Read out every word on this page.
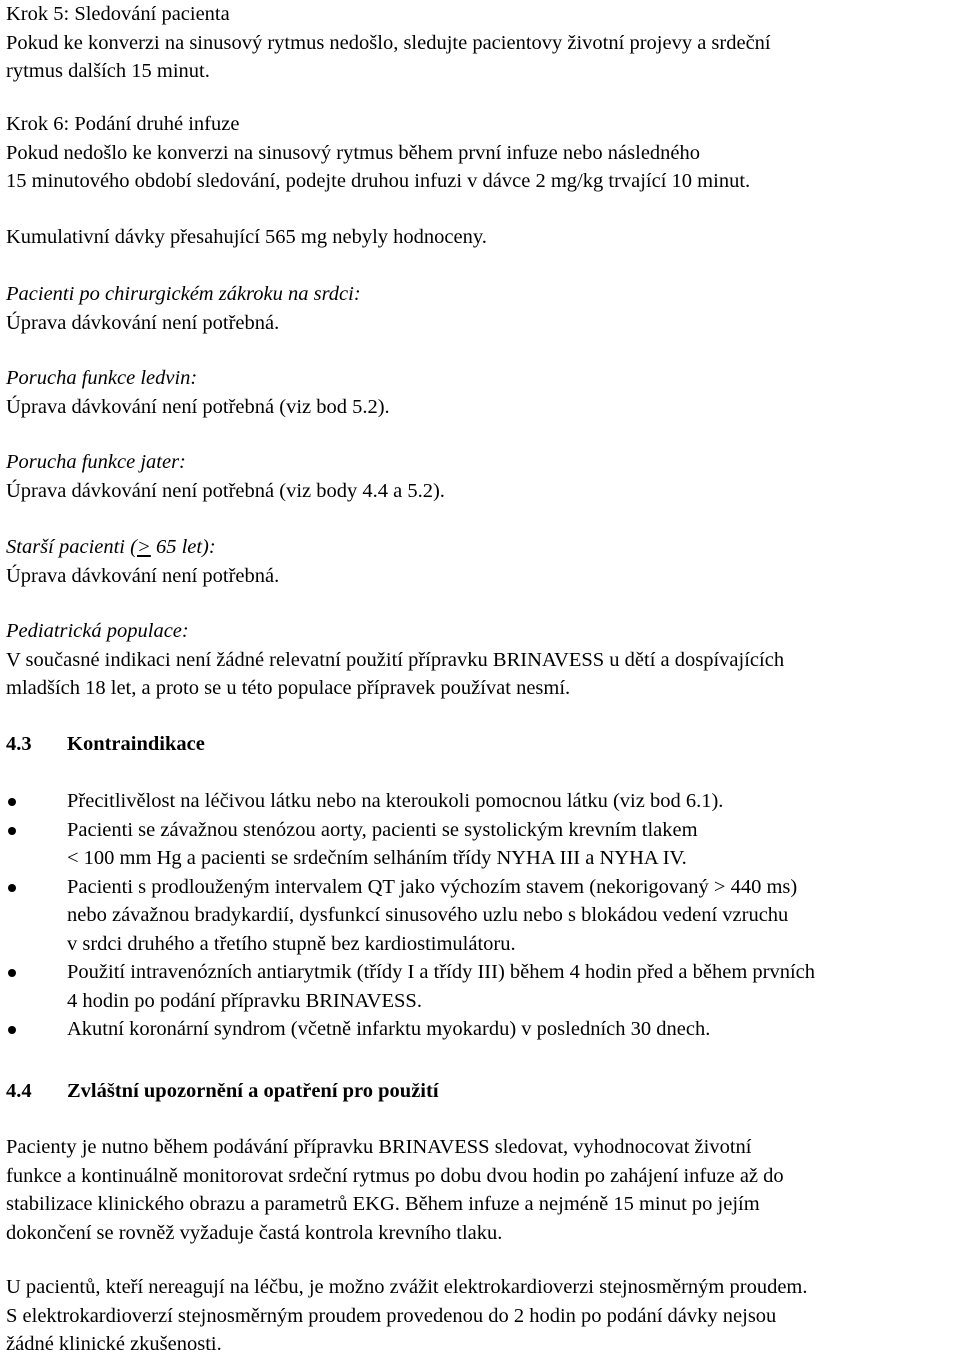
Krok 5: Sledování pacienta
Pokud ke konverzi na sinusový rytmus nedošlo, sledujte pacientovy životní projevy a srdeční
rytmus dalších 15 minut.
Krok 6: Podání druhé infuze
Pokud nedošlo ke konverzi na sinusový rytmus během první infuze nebo následného
15 minutového období sledování, podejte druhou infuzi v dávce 2 mg/kg trvající 10 minut.
Kumulativní dávky přesahující 565 mg nebyly hodnoceny.
Pacienti po chirurgickém zákroku na srdci:
Úprava dávkování není potřebná.
Porucha funkce ledvin:
Úprava dávkování není potřebná (viz bod 5.2).
Porucha funkce jater:
Úprava dávkování není potřebná (viz body 4.4 a 5.2).
Starší pacienti (≥ 65 let):
Úprava dávkování není potřebná.
Pediatrická populace:
V současné indikaci není žádné relevatní použití přípravku BRINAVESS u dětí a dospívajících
mladších 18 let, a proto se u této populace přípravek používat nesmí.
4.3 Kontraindikace
Přecitlivělost na léčivou látku nebo na kteroukoli pomocnou látku (viz bod 6.1).
Pacienti se závažnou stenózou aorty, pacienti se systolickým krevním tlakem
< 100 mm Hg a pacienti se srdečním selháním třídy NYHA III a NYHA IV.
Pacienti s prodlouženým intervalem QT jako výchozím stavem (nekorigovaný > 440 ms)
nebo závažnou bradykardií, dysfunkcí sinusového uzlu nebo s blokádou vedení vzruchu
v srdci druhého a třetího stupně bez kardiostimulátoru.
Použití intravenózních antiarytmik (třídy I a třídy III) během 4 hodin před a během prvních
4 hodin po podání přípravku BRINAVESS.
Akutní koronární syndrom (včetně infarktu myokardu) v posledních 30 dnech.
4.4 Zvláštní upozornění a opatření pro použití
Pacienty je nutno během podávání přípravku BRINAVESS sledovat, vyhodnocovat životní
funkce a kontinuálně monitorovat srdeční rytmus po dobu dvou hodin po zahájení infuze až do
stabilizace klinického obrazu a parametrů EKG. Během infuze a nejméně 15 minut po jejím
dokončení se rovněž vyžaduje častá kontrola krevního tlaku.
U pacientů, kteří nereagují na léčbu, je možno zvážit elektrokardioverzi stejnosměrným proudem.
S elektrokardioverzí stejnosměrným proudem provedenou do 2 hodin po podání dávky nejsou
žádné klinické zkušenosti.
